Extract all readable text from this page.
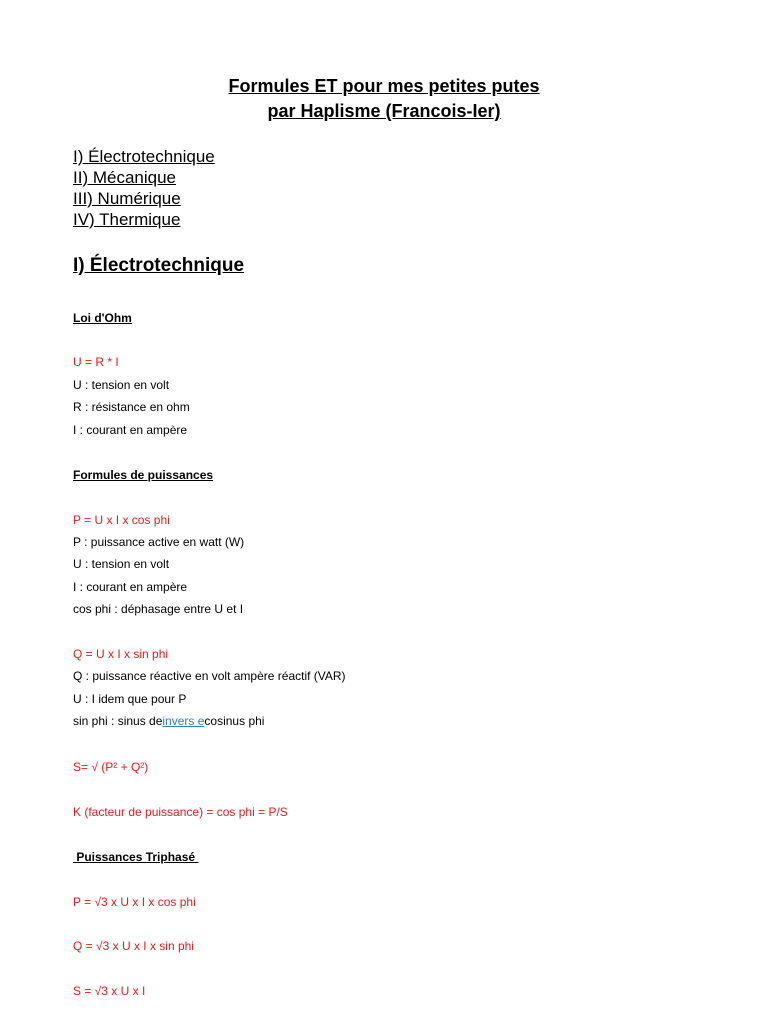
Formules ET pour mes petites putes
par Haplisme (Francois-Ier)
I) Électrotechnique
II) Mécanique
III) Numérique
IV) Thermique
I) Électrotechnique
Loi d'Ohm
U = R * I
U : tension en volt
R : résistance en ohm
I : courant en ampère
Formules de puissances
P = U x I x cos phi
P : puissance active en watt (W)
U : tension en volt
I : courant en ampère
cos phi : déphasage entre U et I
Q = U x I x sin phi
Q : puissance réactive en volt ampère réactif (VAR)
U : I idem que pour P
sin phi : sinus deinvers ecosinus phi
S= √ (P² + Q²)
K (facteur de puissance) = cos phi = P/S
Puissances Triphasé
P = √3 x U x I x cos phi
Q = √3 x U x I x sin phi
S = √3 x U x I
